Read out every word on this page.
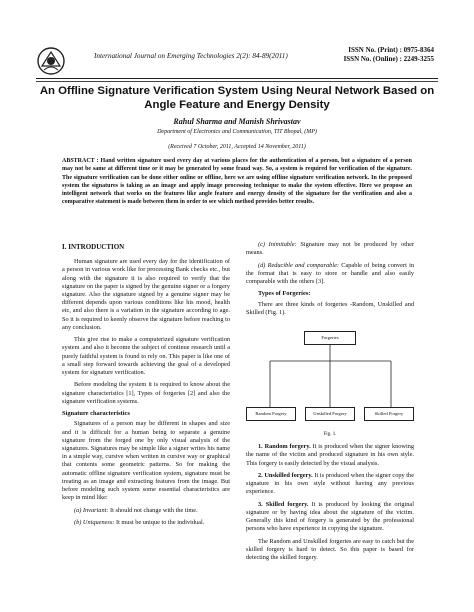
International Journal on Emerging Technologies 2(2): 84-89(2011)
ISSN No. (Print) : 0975-8364
ISSN No. (Online) : 2249-3255
An Offline Signature Verification System Using Neural Network Based on Angle Feature and Energy Density
Rahul Sharma and Manish Shrivastav
Department of Electronics and Communication, TIT Bhopal, (MP)
(Received 7 October, 2011, Accepted 14 November, 2011)
ABSTRACT : Hand written signature used every day at various places for the authentication of a person, but a signature of a person may not be same at different time or it may be generated by some fraud way. So, a system is required for verification of the signature. The signature verification can be done either online or offline, here we are using offline signature verification network. In the proposed system the signatures is taking as an image and apply image processing technique to make the system effective. Here we propose an intelligent network that works on the features like angle feature and energy density of the signature for the verification and also a comparative statement is made between them in order to see which method provides better results.
I. INTRODUCTION

Human signature are used every day for the identification of a person in various work like for processing Bank checks etc., but along with the signature it is also required to verify that the signature on the paper is signed by the genuine signer or a forgery signature. Also the signature signed by a genuine signer may be different depends upon various conditions like his mood, health etc, and also there is a variation in the signature according to age. So it is required to keenly observe the signature before reaching to any conclusion.

This give rise to make a computerized signature verification system .and also it become the subject of continue research until a purely faithful system is found to rely on. This paper is like one of a small step forward towards achieving the goal of a developed system for signature verification.

Before modeling the system it is required to know about the signature characteristics [1], Types of forgeries [2] and also the signature verification systems.

Signature characteristics

Signatures of a person may be different in shapes and size and it is difficult for a human being to separate a genuine signature from the forged one by only visual analysis of the signatures. Signatures may be simple like a signer writes his name in a simple way, cursive when written in cursive way or graphical that contents some geometric patterns. So for making the automatic offline signature verification system, signature must be treating as an image and extracting features from the image. But before modeling such system some essential characteristics are keep in mind like:

(a) Invariant: It should not change with the time.

(b) Uniqueness: It must be unique to the individual.

(c) Inimitable: Signature may not be produced by other means.

(d) Reducible and comparable: Capable of being convert in the format that is easy to store or handle and also easily comparable with the others [3].

Types of Forgeries:

There are three kinds of forgeries -Random, Unskilled and Skilled (Fig. 1).

Forgeries
Random Forgery	Unskilled Forgery	Skilled Forgery
Fig. 1.

1. Random forgery. It is produced when the signer knowing the name of the victim and produced signature in his own style. This forgery is easily detected by the visual analysis.

2. Unskilled forgery. It is produced when the signer copy the signature in his own style without having any previous experience.

3. Skilled forgery. It is produced by looking the original signature or by having idea about the signature of the victim. Generally this kind of forgery is generated by the professional persons who have experience in copying the signature.

The Random and Unskilled forgeries are easy to catch but the skilled forgery is hard to detect. So this paper is based for detecting the skilled forgery.
